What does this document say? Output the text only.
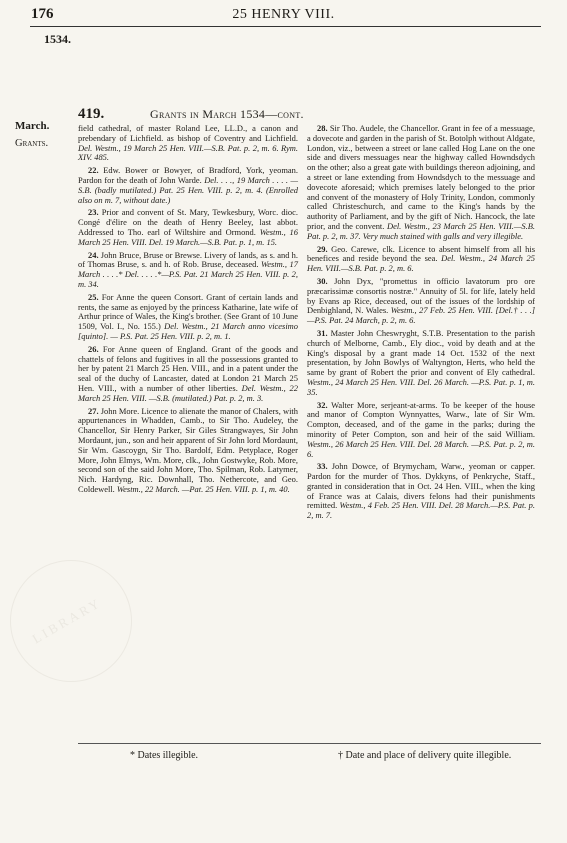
LIBRARY
176	25 HENRY VIII.
1534.
March.
Grants.
419.	Grants in March 1534—cont.

field cathedral, of master Roland Lee, LL.D., a canon and prebendary of Lichfield. as bishop of Coventry and Lichfield. Del. Westm., 19 March 25 Hen. VIII.—S.B. Pat. p. 2, m. 6. Rym. XIV. 485.

22. Edw. Bower or Bowyer, of Bradford, York, yeoman. Pardon for the death of John Warde. Del. . . ., 19 March . . . . —S.B. (badly mutilated.) Pat. 25 Hen. VIII. p. 2, m. 4. (Enrolled also on m. 7, without date.)

23. Prior and convent of St. Mary, Tewkesbury, Worc. dioc. Congé d'élire on the death of Henry Beeley, last abbot. Addressed to Tho. earl of Wiltshire and Ormond. Westm., 16 March 25 Hen. VIII. Del. 19 March.—S.B. Pat. p. 1, m. 15.

24. John Bruce, Bruse or Brewse. Livery of lands, as s. and h. of Thomas Bruse, s. and h. of Rob. Bruse, deceased. Westm., 17 March . . . .* Del. . . . .*—P.S. Pat. 21 March 25 Hen. VIII. p. 2, m. 34.

25. For Anne the queen Consort. Grant of certain lands and rents, the same as enjoyed by the princess Katharine, late wife of Arthur prince of Wales, the King's brother. (See Grant of 10 June 1509, Vol. I., No. 155.) Del. Westm., 21 March anno vicesimo [quinto]. — P.S. Pat. 25 Hen. VIII. p. 2, m. 1.

26. For Anne queen of England. Grant of the goods and chattels of felons and fugitives in all the possessions granted to her by patent 21 March 25 Hen. VIII., and in a patent under the seal of the duchy of Lancaster, dated at London 21 March 25 Hen. VIII., with a number of other liberties. Del. Westm., 22 March 25 Hen. VIII. —S.B. (mutilated.) Pat. p. 2, m. 3.

27. John More. Licence to alienate the manor of Chalers, with appurtenances in Whadden, Camb., to Sir Tho. Audeley, the Chancellor, Sir Henry Parker, Sir Giles Strangwayes, Sir John Mordaunt, jun., son and heir apparent of Sir John lord Mordaunt, Sir Wm. Gascoygn, Sir Tho. Bardolf, Edm. Petyplace, Roger More, John Elmys, Wm. More, clk., John Gostwyke, Rob. More, second son of the said John More, Tho. Spilman, Rob. Latymer, Nich. Hardyng, Ric. Downhall, Tho. Nethercote, and Geo. Coldewell. Westm., 22 March. —Pat. 25 Hen. VIII. p. 1, m. 40.

28. Sir Tho. Audele, the Chancellor. Grant in fee of a messuage, a dovecote and garden in the parish of St. Botolph without Aldgate, London, viz., between a street or lane called Hog Lane on the one side and divers messuages near the highway called Howndsdych on the other; also a great gate with buildings thereon adjoining, and a street or lane extending from Howndsdych to the messuage and dovecote aforesaid; which premises lately belonged to the prior and convent of the monastery of Holy Trinity, London, commonly called Christeschurch, and came to the King's hands by the authority of Parliament, and by the gift of Nich. Hancock, the late prior, and the convent. Del. Westm., 23 March 25 Hen. VIII.—S.B. Pat. p. 2, m. 37. Very much stained with galls and very illegible.

29. Geo. Carewe, clk. Licence to absent himself from all his benefices and reside beyond the sea. Del. Westm., 24 March 25 Hen. VIII.—S.B. Pat. p. 2, m. 6.

30. John Dyx, "promettus in officio lavatorum pro ore præcarissimæ consortis nostræ." Annuity of 5l. for life, lately held by Evans ap Rice, deceased, out of the issues of the lordship of Denbighland, N. Wales. Westm., 27 Feb. 25 Hen. VIII. [Del.† . . .] —P.S. Pat. 24 March, p. 2, m. 6.

31. Master John Cheswryght, S.T.B. Presentation to the parish church of Melborne, Camb., Ely dioc., void by death and at the King's disposal by a grant made 14 Oct. 1532 of the next presentation, by John Bowlys of Waltyngton, Herts, who held the same by grant of Robert the prior and convent of Ely cathedral. Westm., 24 March 25 Hen. VIII. Del. 26 March. —P.S. Pat. p. 1, m. 35.

32. Walter More, serjeant-at-arms. To be keeper of the house and manor of Compton Wynnyattes, Warw., late of Sir Wm. Compton, deceased, and of the game in the parks; during the minority of Peter Compton, son and heir of the said William. Westm., 26 March 25 Hen. VIII. Del. 28 March. —P.S. Pat. p. 2, m. 6.

33. John Dowce, of Brymycham, Warw., yeoman or capper. Pardon for the murder of Thos. Dykkyns, of Penkryche, Staff., granted in consideration that in Oct. 24 Hen. VIII., when the king of France was at Calais, divers felons had their punishments remitted. Westm., 4 Feb. 25 Hen. VIII. Del. 28 March.—P.S. Pat. p. 2, m. 7.

* Dates illegible.	† Date and place of delivery quite illegible.
